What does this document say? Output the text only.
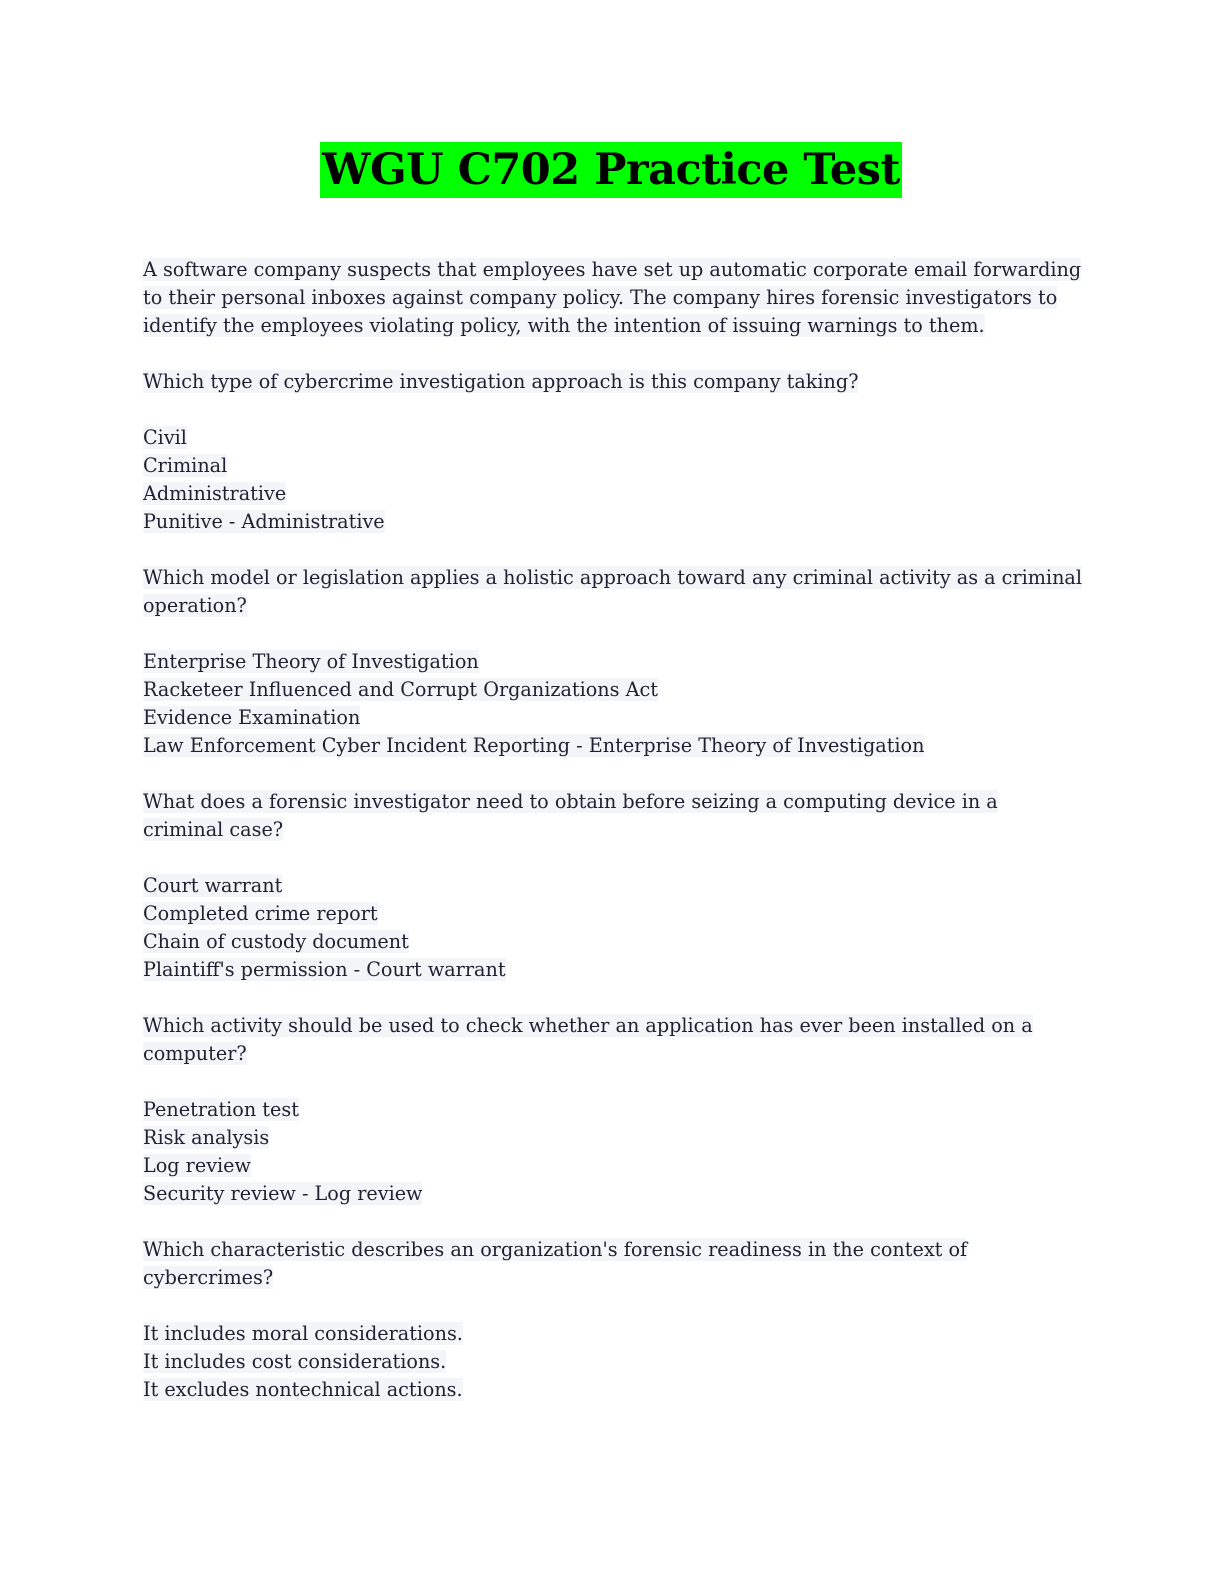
WGU C702 Practice Test

A software company suspects that employees have set up automatic corporate email forwarding to their personal inboxes against company policy. The company hires forensic investigators to identify the employees violating policy, with the intention of issuing warnings to them.

Which type of cybercrime investigation approach is this company taking?

Civil
Criminal
Administrative
Punitive - Administrative

Which model or legislation applies a holistic approach toward any criminal activity as a criminal operation?

Enterprise Theory of Investigation
Racketeer Influenced and Corrupt Organizations Act
Evidence Examination
Law Enforcement Cyber Incident Reporting - Enterprise Theory of Investigation

What does a forensic investigator need to obtain before seizing a computing device in a criminal case?

Court warrant
Completed crime report
Chain of custody document
Plaintiff's permission - Court warrant

Which activity should be used to check whether an application has ever been installed on a computer?

Penetration test
Risk analysis
Log review
Security review - Log review

Which characteristic describes an organization's forensic readiness in the context of cybercrimes?

It includes moral considerations.
It includes cost considerations.
It excludes nontechnical actions.
